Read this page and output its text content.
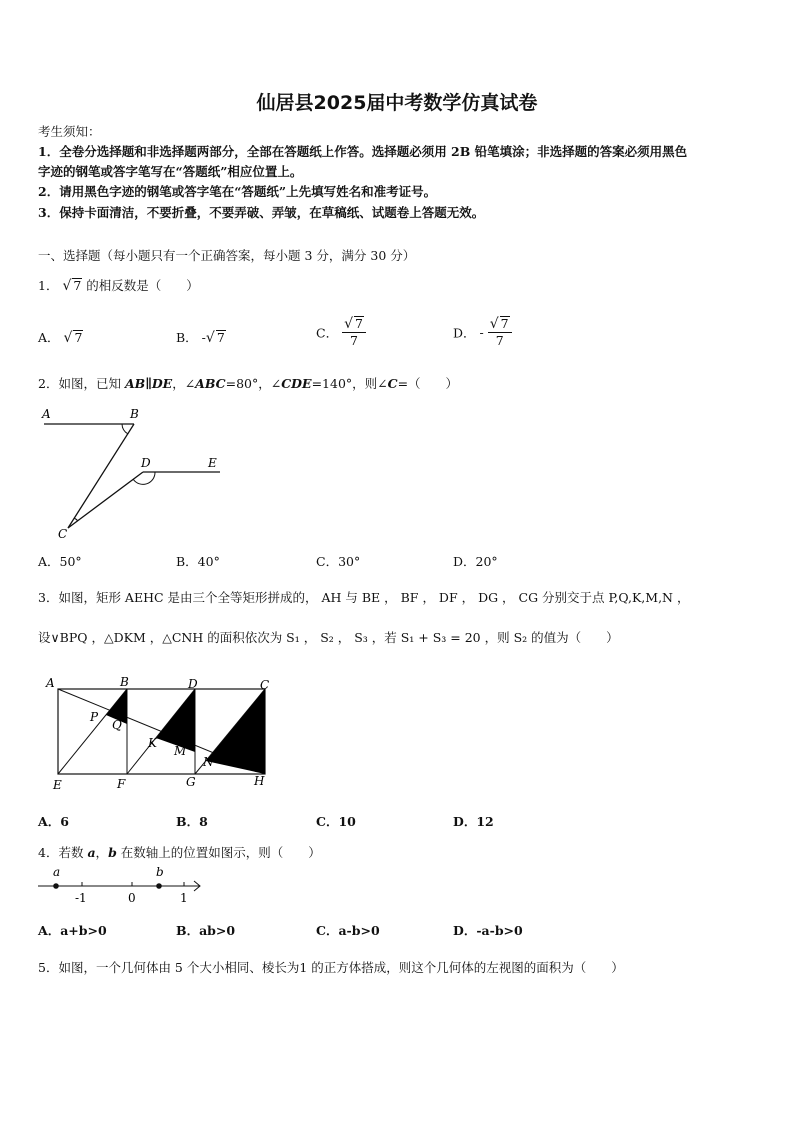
仙居县2025届中考数学仿真试卷
考生须知：
1．全卷分选择题和非选择题两部分，全部在答题纸上作答。选择题必须用 2B 铅笔填涂；非选择题的答案必须用黑色
字迹的钢笔或答字笔写在“答题纸”相应位置上。
2．请用黑色字迹的钢笔或答字笔在“答题纸”上先填写姓名和准考证号。
3．保持卡面清洁，不要折叠，不要弄破、弄皱，在草稿纸、试题卷上答题无效。
一、选择题（每小题只有一个正确答案，每小题 3 分，满分 30 分）
1． √ 7 的相反数是（　　）
A． √ 7	B． -√ 7	C． $\frac{√ 7}{7}$	D． - $\frac{√ 7}{7}$
2．如图，已知 AB∥DE，∠ABC=80°，∠CDE=140°，则∠C=（　　）
A	B
D	E
C
A．50°	B．40°	C．30°	D．20°
3．如图，矩形 AEHC 是由三个全等矩形拼成的， AH 与 BE ， BF ， DF ， DG ， CG 分别交于点 P,Q,K,M,N ，
设∨BPQ ，△DKM ，△CNH 的面积依次为 S₁ ， S₂ ， S₃ ，若 S₁ + S₃ = 20 ，则 S₂ 的值为（　　）
A	B	D	C
P
Q
K
M
N
E	F	G	H
A．6	B．8	C．10	D．12
4．若数 a，b 在数轴上的位置如图示，则（　　）
a	b
-1	0	1
A．a+b>0	B．ab>0	C．a-b>0	D．-a-b>0
5．如图，一个几何体由 5 个大小相同、棱长为1 的正方体搭成，则这个几何体的左视图的面积为（　　）
